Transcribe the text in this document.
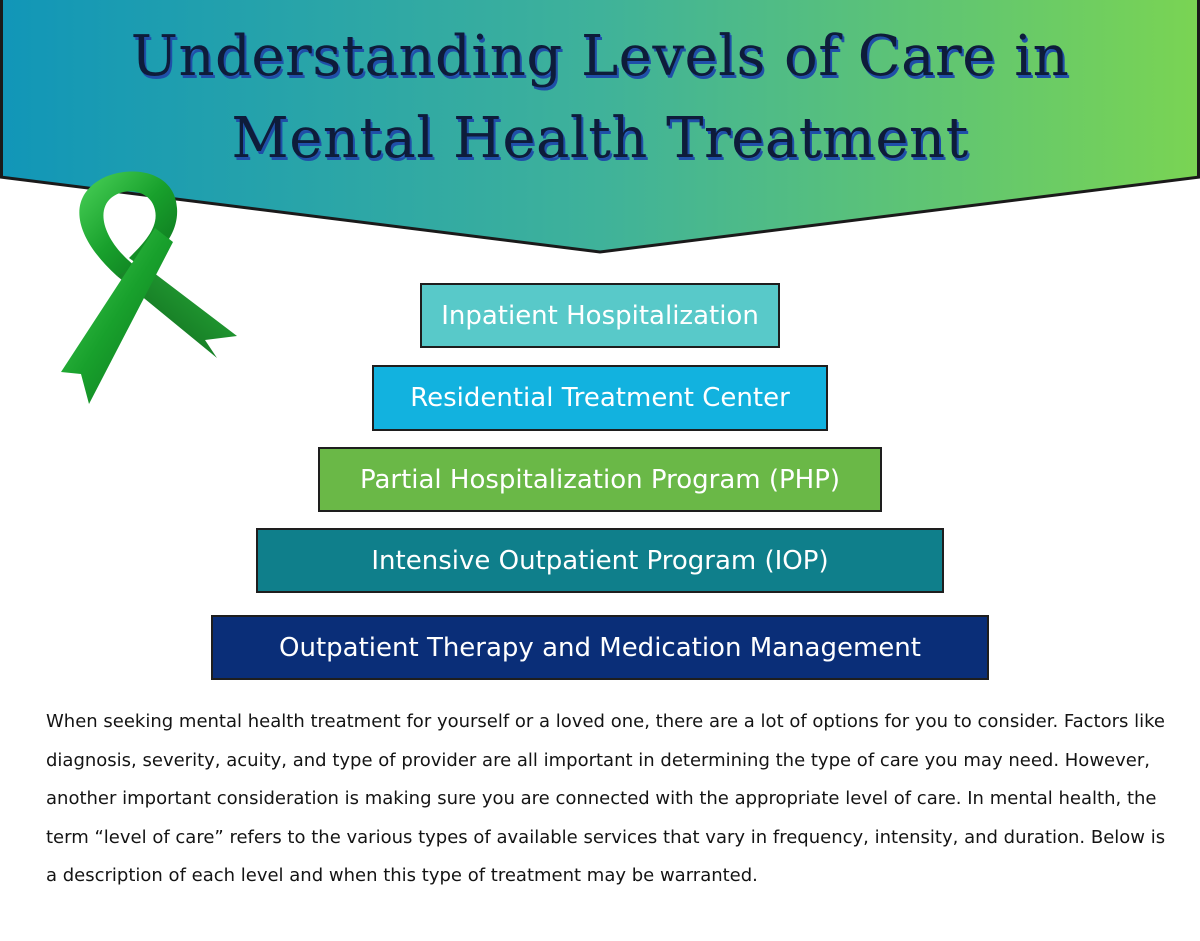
Understanding Levels of Care in
Mental Health Treatment
Inpatient Hospitalization
Residential Treatment Center
Partial Hospitalization Program (PHP)
Intensive Outpatient Program (IOP)
Outpatient Therapy and Medication Management

When seeking mental health treatment for yourself or a loved one, there are a lot of options for you to consider. Factors like diagnosis, severity, acuity, and type of provider are all important in determining the type of care you may need. However, another important consideration is making sure you are connected with the appropriate level of care. In mental health, the term “level of care” refers to the various types of available services that vary in frequency, intensity, and duration. Below is a description of each level and when this type of treatment may be warranted.
